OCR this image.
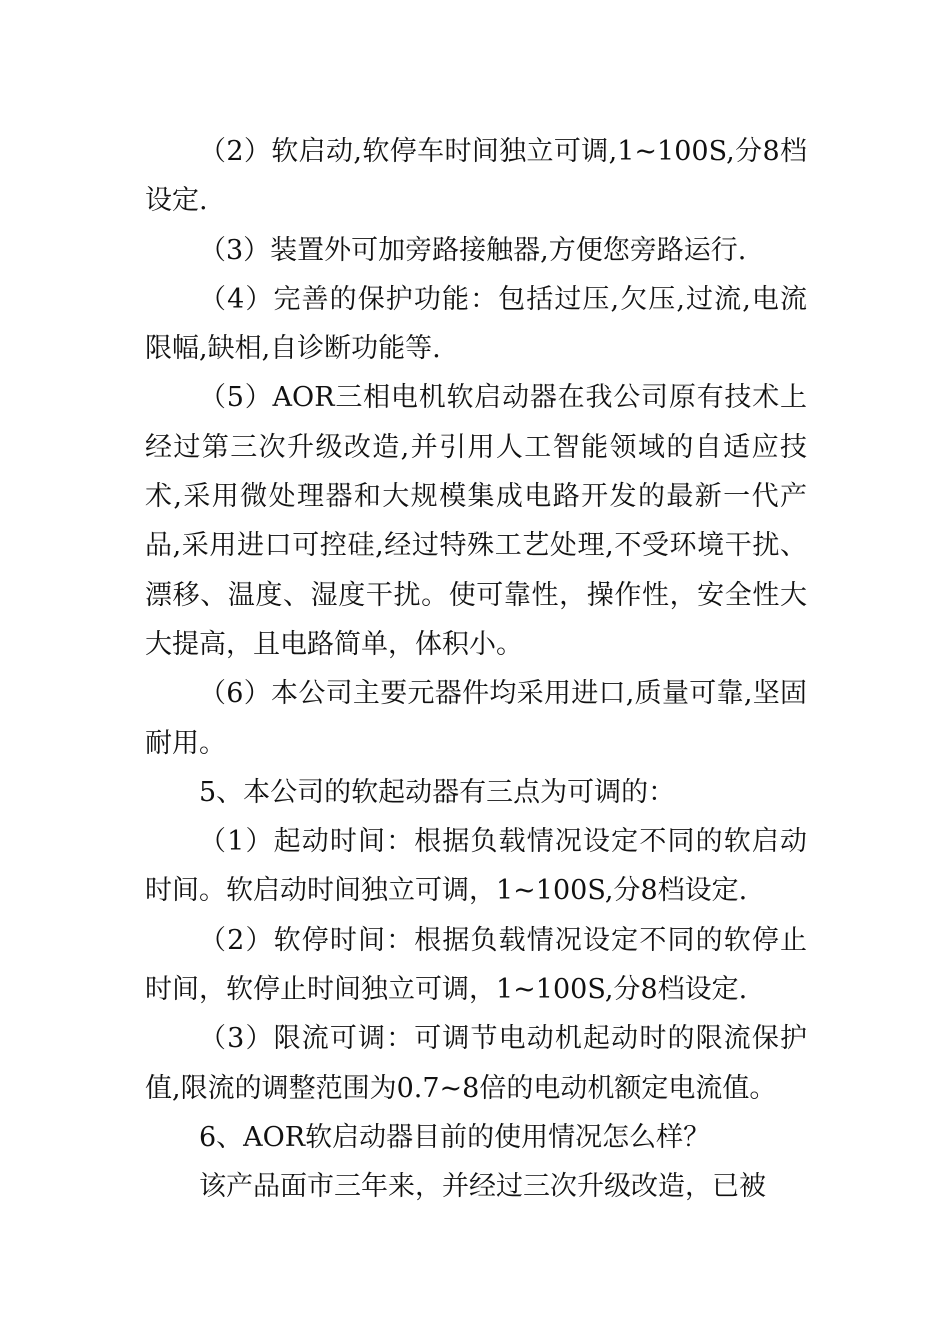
（2）软启动,软停车时间独立可调,1~100S,分8档设定.

（3）装置外可加旁路接触器,方便您旁路运行.

（4）完善的保护功能：包括过压,欠压,过流,电流限幅,缺相,自诊断功能等.

（5）AOR三相电机软启动器在我公司原有技术上经过第三次升级改造,并引用人工智能领域的自适应技术,采用微处理器和大规模集成电路开发的最新一代产品,采用进口可控硅,经过特殊工艺处理,不受环境干扰、漂移、温度、湿度干扰。使可靠性，操作性，安全性大大提高，且电路简单，体积小。

（6）本公司主要元器件均采用进口,质量可靠,坚固耐用。

5、本公司的软起动器有三点为可调的：

（1）起动时间：根据负载情况设定不同的软启动时间。软启动时间独立可调，1~100S,分8档设定.

（2）软停时间：根据负载情况设定不同的软停止时间，软停止时间独立可调，1~100S,分8档设定.

（3）限流可调：可调节电动机起动时的限流保护值,限流的调整范围为0.7~8倍的电动机额定电流值。

6、AOR软启动器目前的使用情况怎么样？

该产品面市三年来，并经过三次升级改造，已被
